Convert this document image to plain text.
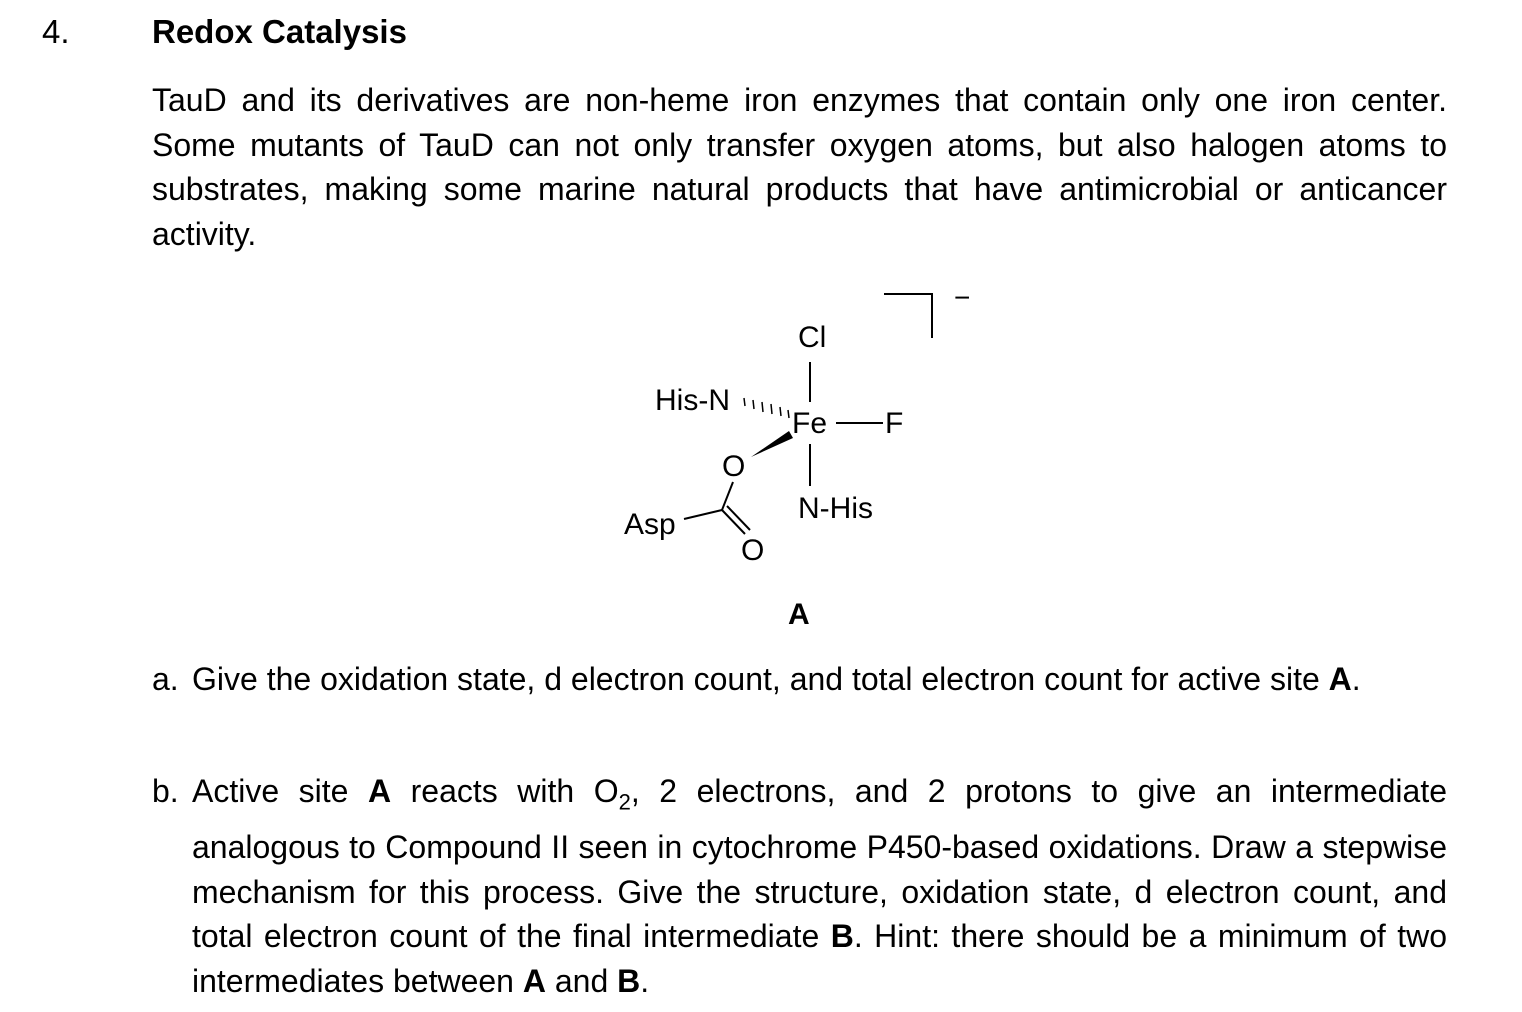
4. Redox Catalysis
TauD and its derivatives are non-heme iron enzymes that contain only one iron center. Some mutants of TauD can not only transfer oxygen atoms, but also halogen atoms to substrates, making some marine natural products that have antimicrobial or anticancer activity.
−
Cl
His-N
Fe F
N-His
O
Asp
O
A
a. Give the oxidation state, d electron count, and total electron count for active site A.
b. Active site A reacts with $O_2$, 2 electrons, and 2 protons to give an intermediate analogous to Compound II seen in cytochrome P450-based oxidations. Draw a stepwise mechanism for this process. Give the structure, oxidation state, d electron count, and total electron count of the final intermediate B. Hint: there should be a minimum of two intermediates between A and B.
